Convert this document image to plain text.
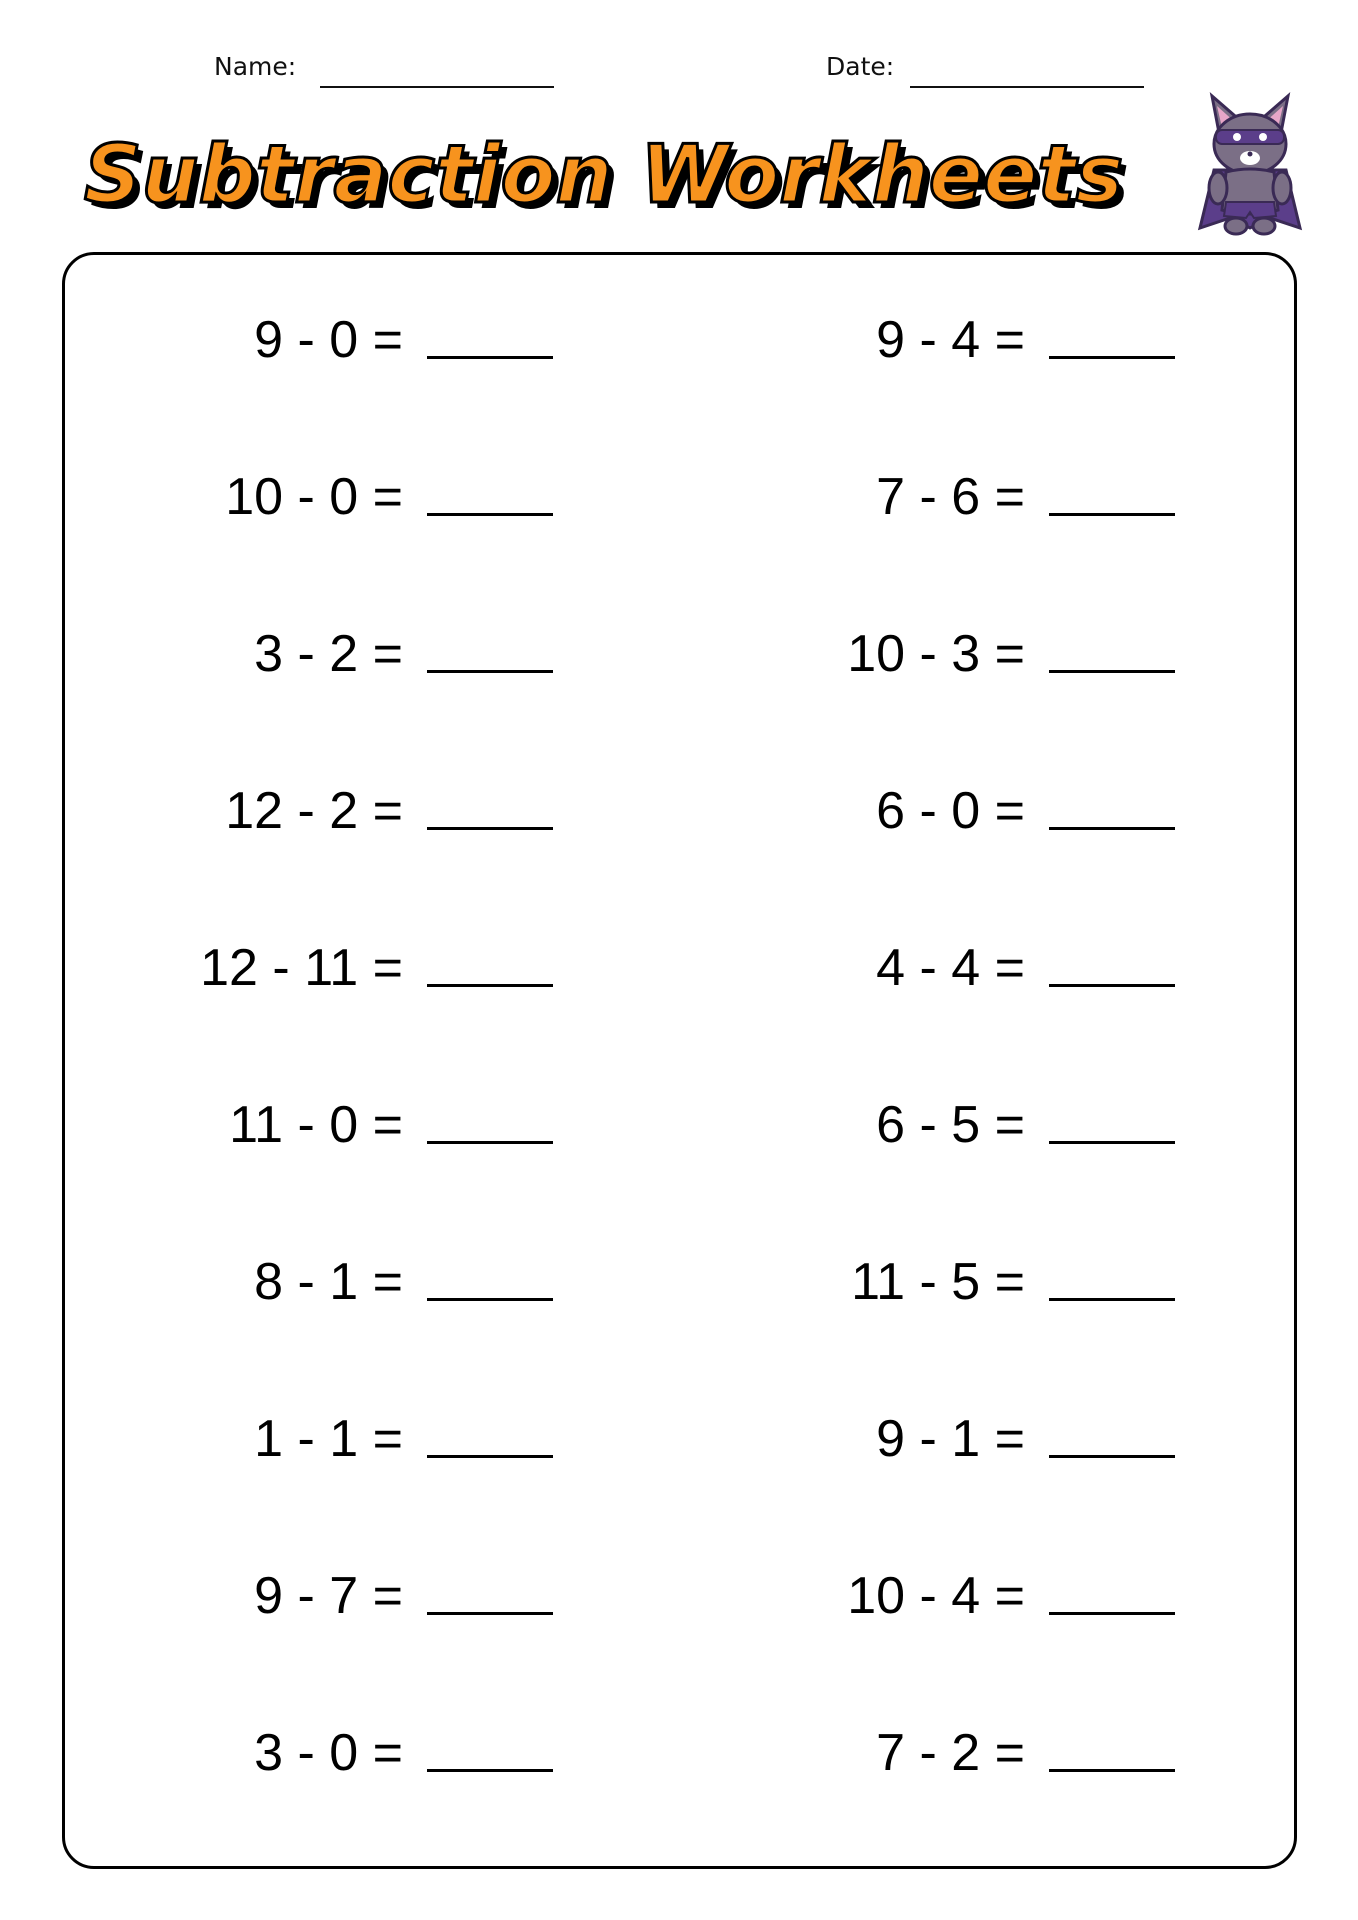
Name:	Date:
Subtraction Workheets
9 - 0 =
10 - 0 =
3 - 2 =
12 - 2 =
12 - 11 =
11 - 0 =
8 - 1 =
1 - 1 =
9 - 7 =
3 - 0 =
9 - 4 =
7 - 6 =
10 - 3 =
6 - 0 =
4 - 4 =
6 - 5 =
11 - 5 =
9 - 1 =
10 - 4 =
7 - 2 =
